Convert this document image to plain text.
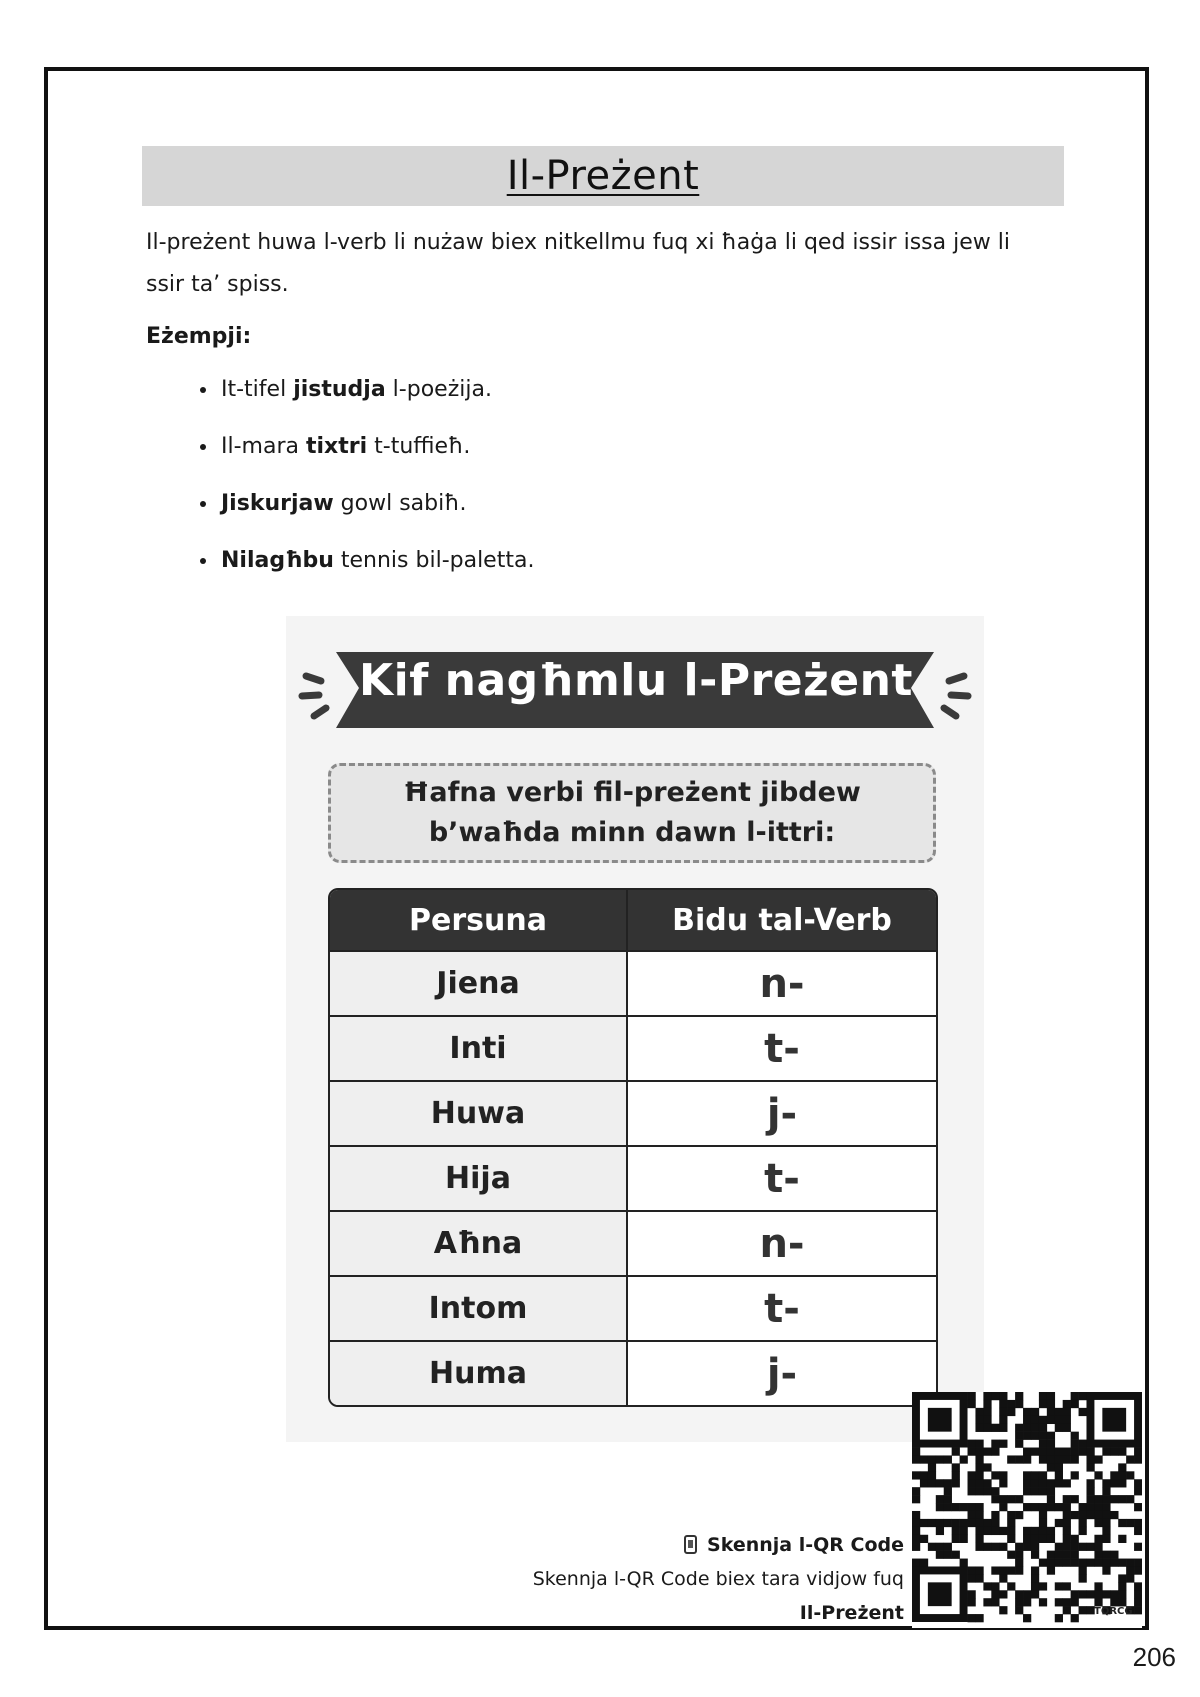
Il-Preżent

Il-preżent huwa l-verb li nużaw biex nitkellmu fuq xi ħaġa li qed issir issa jew li ssir ta’ spiss.

Eżempji:

• It-tifel jistudja l-poeżija.
• Il-mara tixtri t-tuffieħ.
• Jiskurjaw gowl sabiħ.
• Nilagħbu tennis bil-paletta.
Kif nagħmlu l-Preżent

Ħafna verbi fil-preżent jibdew b’waħda minn dawn l-ittri:

Persuna	Bidu tal-Verb
Jiena	n-
Inti	t-
Huwa	j-
Hija	t-
Aħna	n-
Intom	t-
Huma	j-
Skennja l-QR Code
Skennja l-QR Code biex tara vidjow fuq
Il-Preżent	TQRCG
206
